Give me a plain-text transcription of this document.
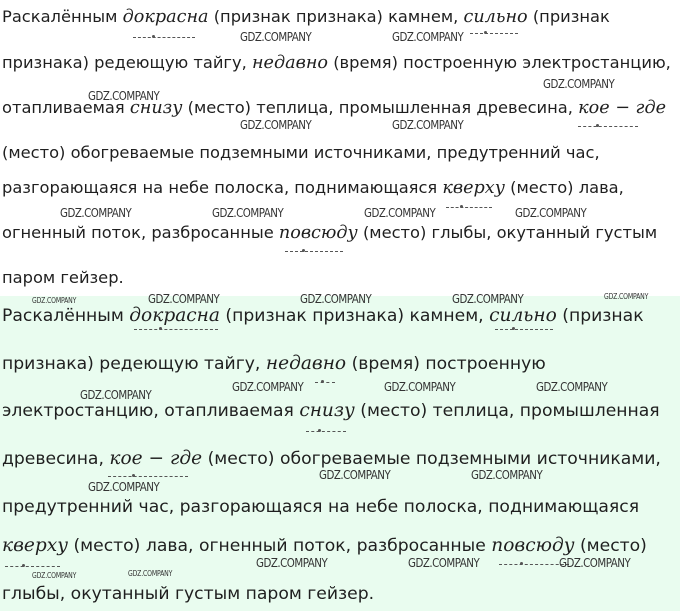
Раскалённым докрасна (признак признака) камнем, сильно (признак
признака) редеющую тайгу, недавно (время) построенную электростанцию,
отапливаемая снизу (место) теплица, промышленная древесина, кое − где
(место) обогреваемые подземными источниками, предутренний час,
разгорающаяся на небе полоска, поднимающаяся кверху (место) лава,
огненный поток, разбросанные повсюду (место) глыбы, окутанный густым
паром гейзер.
GDZ.COMPANY	GDZ.COMPANY
GDZ.COMPANY
GDZ.COMPANY
GDZ.COMPANY	GDZ.COMPANY
GDZ.COMPANY	GDZ.COMPANY	GDZ.COMPANY	GDZ.COMPANY
Раскалённым докрасна (признак признака) камнем, сильно (признак
признака) редеющую тайгу, недавно (время) построенную
электростанцию, отапливаемая снизу (место) теплица, промышленная
древесина, кое − где (место) обогреваемые подземными источниками,
предутренний час, разгорающаяся на небе полоска, поднимающаяся
кверху (место) лава, огненный поток, разбросанные повсюду (место)
глыбы, окутанный густым паром гейзер.
GDZ.COMPANY	GDZ.COMPANY	GDZ.COMPANY	GDZ.COMPANY	GDZ.COMPANY
GDZ.COMPANY
GDZ.COMPANY	GDZ.COMPANY	GDZ.COMPANY
GDZ.COMPANY
GDZ.COMPANY	GDZ.COMPANY
GDZ.COMPANY	GDZ.COMPANY
GDZ.COMPANY	GDZ.COMPANY	GDZ.COMPANY
